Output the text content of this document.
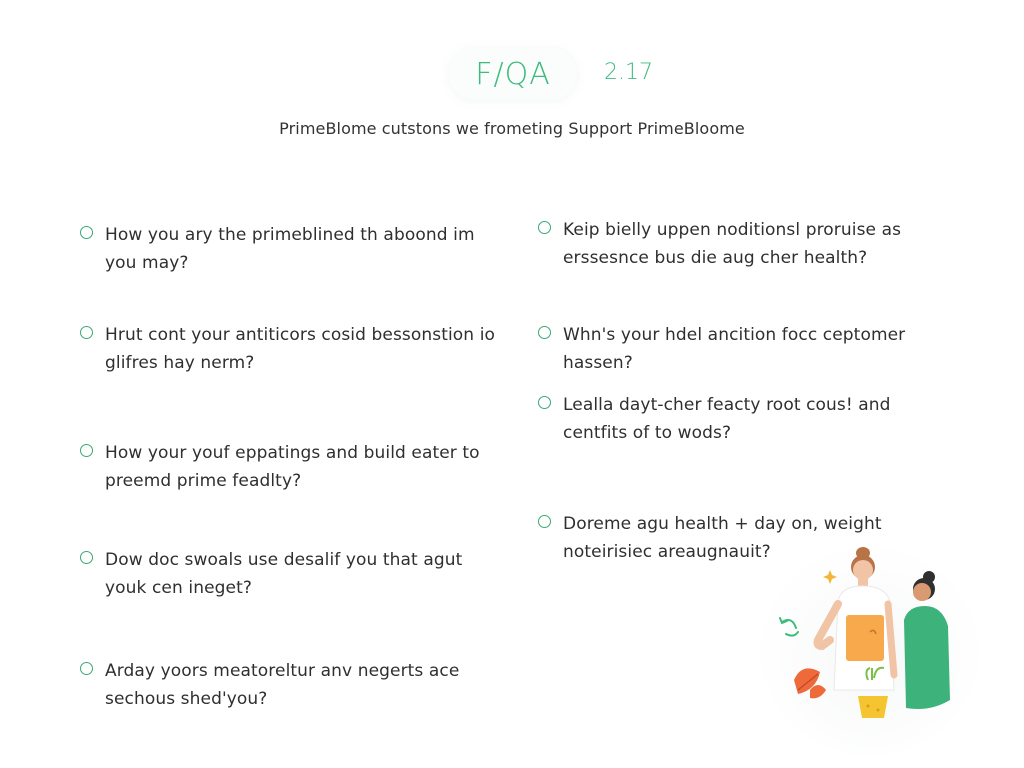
F/QA	2.17
PrimeBlome cutstons we frometing Support PrimeBloome
How you ary the primeblined th aboond im you may?
Hrut cont your antiticors cosid bessonstion io glifres hay nerm?
How your youf eppatings and build eater to preemd prime feadlty?
Dow doc swoals use desalif you that agut youk cen ineget?
Arday yoors meatoreltur anv negerts ace sechous shed'you?
Keip bielly uppen noditionsl proruise as erssesnce bus die aug cher health?
Whn's your hdel ancition focc ceptomer hassen?
Lealla dayt-cher feacty root cous! and centfits of to wods?
Doreme agu health + day on, weight noteirisiec areaugnauit?
